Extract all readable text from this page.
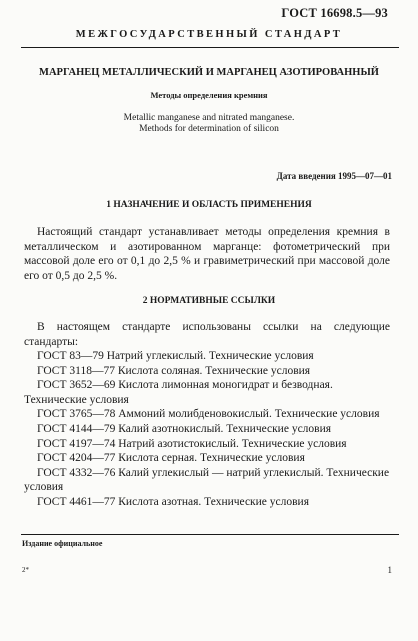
ГОСТ 16698.5—93
МЕЖГОСУДАРСТВЕННЫЙ СТАНДАРТ
МАРГАНЕЦ МЕТАЛЛИЧЕСКИЙ И МАРГАНЕЦ АЗОТИРОВАННЫЙ
Методы определения кремния
Metallic manganese and nitrated manganese.
Methods for determination of silicon
Дата введения 1995—07—01
1 НАЗНАЧЕНИЕ И ОБЛАСТЬ ПРИМЕНЕНИЯ

Настоящий стандарт устанавливает методы определения кремния в металлическом и азотированном марганце: фотометрический при массовой доле его от 0,1 до 2,5 % и гравиметрический при массовой доле его от 0,5 до 2,5 %.

2 НОРМАТИВНЫЕ ССЫЛКИ

В настоящем стандарте использованы ссылки на следующие стандарты:

ГОСТ 83—79 Натрий углекислый. Технические условия
ГОСТ 3118—77 Кислота соляная. Технические условия
ГОСТ 3652—69 Кислота лимонная моногидрат и безводная. Технические условия
ГОСТ 3765—78 Аммоний молибденовокислый. Технические условия
ГОСТ 4144—79 Калий азотнокислый. Технические условия
ГОСТ 4197—74 Натрий азотистокислый. Технические условия
ГОСТ 4204—77 Кислота серная. Технические условия
ГОСТ 4332—76 Калий углекислый — натрий углекислый. Технические условия
ГОСТ 4461—77 Кислота азотная. Технические условия
Издание официальное
2*	1
